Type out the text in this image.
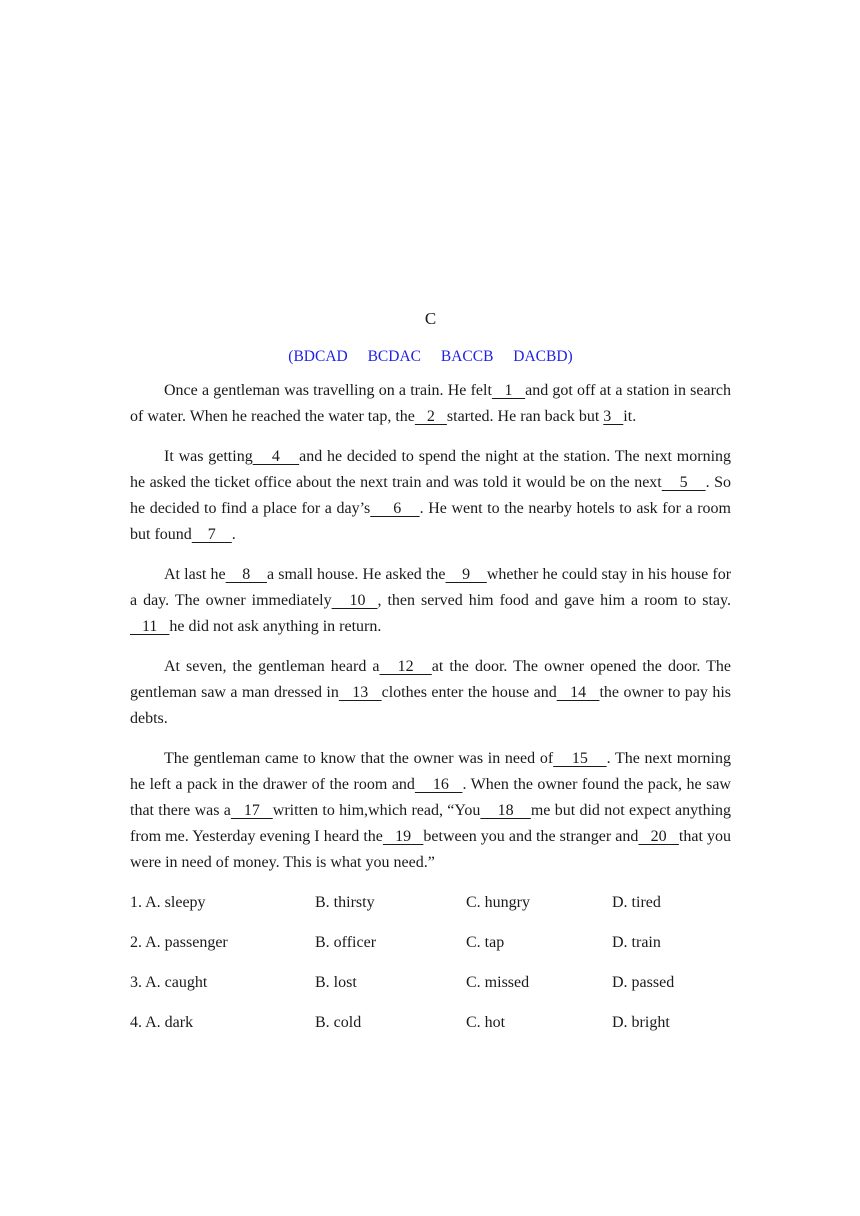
C
(BDCAD BCDAC BACCB DACBD)

Once a gentleman was travelling on a train. He felt   1   and got off at a station in search of water. When he reached the water tap, the   2   started. He ran back but 3   it.

It was getting    4    and he decided to spend the night at the station. The next morning he asked the ticket office about the next train and was told it would be on the next    5    . So he decided to find a place for a day’s     6    . He went to the nearby hotels to ask for a room but found    7    .

At last he    8    a small house. He asked the    9    whether he could stay in his house for a day. The owner immediately   10  , then served him food and gave him a room to stay.   11   he did not ask anything in return.

At seven, the gentleman heard a   12   at the door. The owner opened the door. The gentleman saw a man dressed in   13   clothes enter the house and   14   the owner to pay his debts.

The gentleman came to know that the owner was in need of    15    . The next morning he left a pack in the drawer of the room and    16   . When the owner found the pack, he saw that there was a   17   written to him,which read, “You    18    me but did not expect anything from me. Yesterday evening I heard the   19   between you and the stranger and   20   that you were in need of money. This is what you need.”

1. A. sleepy	B. thirsty	C. hungry	D. tired
2. A. passenger	B. officer	C. tap	D. train
3. A. caught	B. lost	C. missed	D. passed
4. A. dark	B. cold	C. hot	D. bright
